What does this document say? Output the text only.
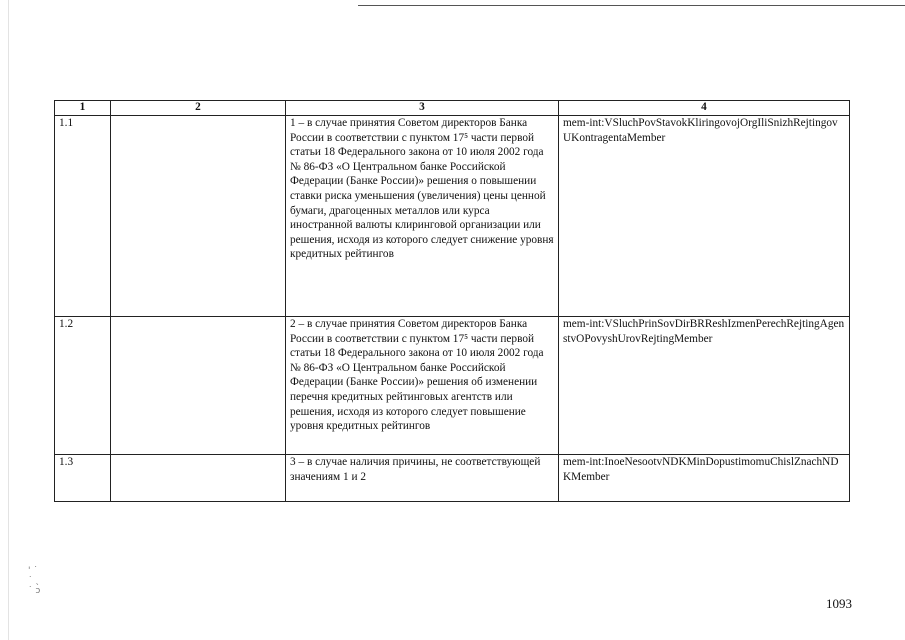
' ˙
˙ ˎ
˙ ͻ
1	2	3	4
1.1		1 – в случае принятия Советом директоров Банка России в соответствии с пунктом 17⁵ части первой статьи 18 Федерального закона от 10 июля 2002 года № 86-ФЗ «О Центральном банке Российской Федерации (Банке России)» решения о повышении ставки риска уменьшения (увеличения) цены ценной бумаги, драгоценных металлов или курса иностранной валюты клиринговой организации или решения, исходя из которого следует снижение уровня кредитных рейтингов	mem-int:VSluchPovStavokKliringovojOrgIliSnizhRejtingovUKontragentaMember
1.2		2 – в случае принятия Советом директоров Банка России в соответствии с пунктом 17⁵ части первой статьи 18 Федерального закона от 10 июля 2002 года № 86-ФЗ «О Центральном банке Российской Федерации (Банке России)» решения об изменении перечня кредитных рейтинговых агентств или решения, исходя из которого следует повышение уровня кредитных рейтингов	mem-int:VSluchPrinSovDirBRReshIzmenPerechRejtingAgenstvOPovyshUrovRejtingMember
1.3		3 – в случае наличия причины, не соответствующей значениям 1 и 2	mem-int:InoeNesootvNDKMinDopustimomuChislZnachNDKMember
1093
